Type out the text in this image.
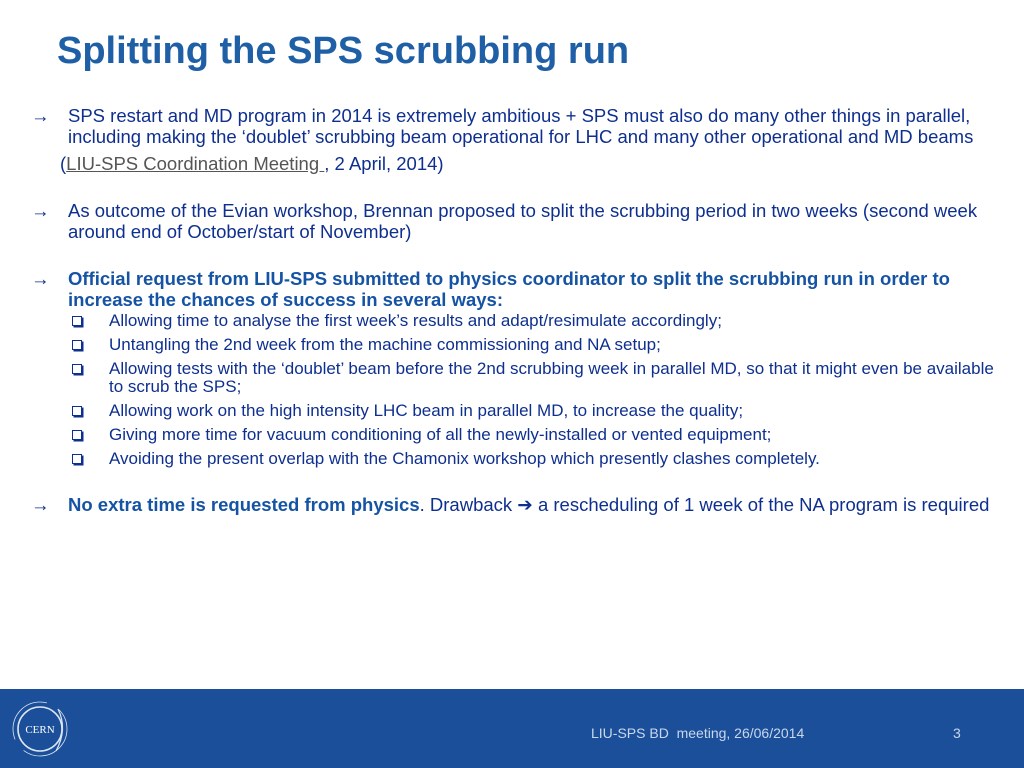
Splitting the SPS scrubbing run
→ SPS restart and MD program in 2014 is extremely ambitious + SPS must also do many other things in parallel, including making the ‘doublet’ scrubbing beam operational for LHC and many other operational and MD beams
(LIU-SPS Coordination Meeting , 2 April, 2014)
→ As outcome of the Evian workshop, Brennan proposed to split the scrubbing period in two weeks (second week around end of October/start of November)
→ Official request from LIU-SPS submitted to physics coordinator to split the scrubbing run in order to increase the chances of success in several ways:
Allowing time to analyse the first week’s results and adapt/resimulate accordingly;
Untangling the 2nd week from the machine commissioning and NA setup;
Allowing tests with the ‘doublet’ beam before the 2nd scrubbing week in parallel MD, so that it might even be available to scrub the SPS;
Allowing work on the high intensity LHC beam in parallel MD, to increase the quality;
Giving more time for vacuum conditioning of all the newly-installed or vented equipment;
Avoiding the present overlap with the Chamonix workshop which presently clashes completely.
→ No extra time is requested from physics. Drawback ➔ a rescheduling of 1 week of the NA program is required
CERN	LIU-SPS BD  meeting, 26/06/2014	3
